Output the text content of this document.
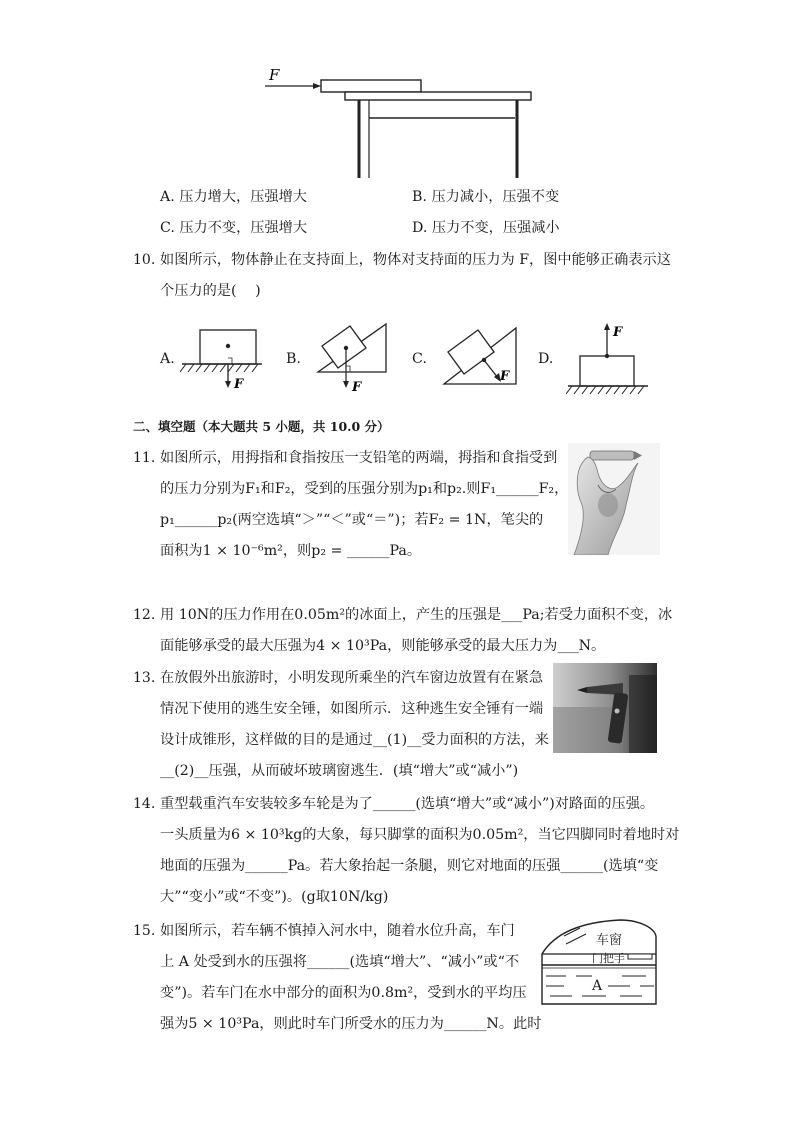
F
A. 压力增大，压强增大	B. 压力减小，压强不变
C. 压力不变，压强增大	D. 压力不变，压强减小
10. 如图所示，物体静止在支持面上，物体对支持面的压力为 F，图中能够正确表示这
个压力的是(　 )
A.	B.	C.	D.
F	F
F
F
二、填空题（本大题共 5 小题，共 10.0 分）
11. 如图所示，用拇指和食指按压一支铅笔的两端，拇指和食指受到
的压力分别为F₁和F₂，受到的压强分别为p₁和p₂.则F₁______F₂，
p₁______p₂(两空选填“＞”“＜”或“＝”)；若F₂ = 1N，笔尖的
面积为1 × 10⁻⁶m²，则p₂ = ______Pa。
12. 用 10N的压力作用在0.05m²的冰面上，产生的压强是___Pa;若受力面积不变，冰
面能够承受的最大压强为4 × 10³Pa，则能够承受的最大压力为___N。
13. 在放假外出旅游时，小明发现所乘坐的汽车窗边放置有在紧急
情况下使用的逃生安全锤，如图所示．这种逃生安全锤有一端
设计成锥形，这样做的目的是通过__(1)__受力面积的方法，来
__(2)__压强，从而破坏玻璃窗逃生．(填“增大”或“减小”)
14. 重型载重汽车安装较多车轮是为了______(选填“增大”或“减小”)对路面的压强。
一头质量为6 × 10³kg的大象，每只脚掌的面积为0.05m²，当它四脚同时着地时对
地面的压强为______Pa。若大象抬起一条腿，则它对地面的压强______(选填“变
大”“变小”或“不变”)。(g取10N/kg)
15. 如图所示，若车辆不慎掉入河水中，随着水位升高，车门
上 A 处受到水的压强将______(选填“增大”、“减小”或“不
变”)。若车门在水中部分的面积为0.8m²，受到水的平均压
强为5 × 10³Pa，则此时车门所受水的压力为______N。此时
车窗
门把手
A
